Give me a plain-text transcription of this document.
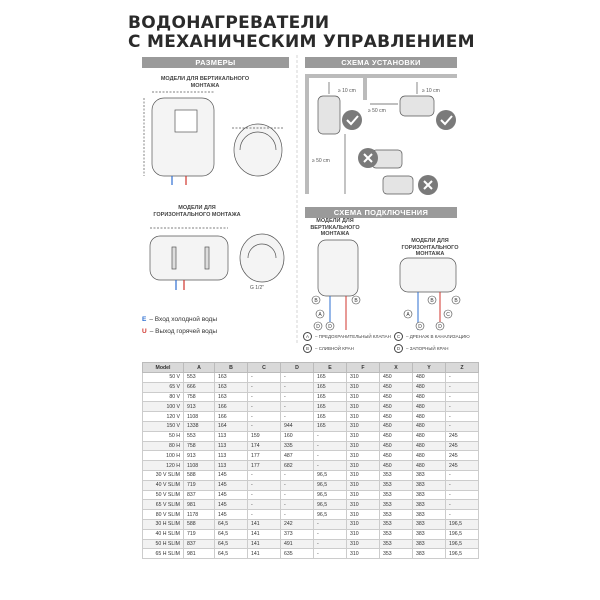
ВОДОНАГРЕВАТЕЛИ
С МЕХАНИЧЕСКИМ УПРАВЛЕНИЕМ
РАЗМЕРЫ	СХЕМА УСТАНОВКИ
СХЕМА ПОДКЛЮЧЕНИЯ
МОДЕЛИ ДЛЯ ВЕРТИКАЛЬНОГО МОНТАЖА
МОДЕЛИ ДЛЯ ГОРИЗОНТАЛЬНОГО МОНТАЖА
G 1/2"
B	B
A
D D
B	B
A	C
D	D
≥ 10 cm	≥ 10 cm
≥ 50 cm
≥ 50 cm
МОДЕЛИ ДЛЯ ВЕРТИКАЛЬНОГО МОНТАЖА
МОДЕЛИ ДЛЯ ГОРИЗОНТАЛЬНОГО МОНТАЖА
A	– ПРЕДОХРАНИТЕЛЬНЫЙ КЛАПАН	C	– ДРЕНАЖ В КАНАЛИЗАЦИЮ
B	– СЛИВНОЙ КРАН	D	– ЗАПОРНЫЙ КРАН
E – Вход холодной воды
U – Выход горячей воды
Model	A	B	C	D	E	F	X	Y	Z
50 V	553	163	-	-	165	310	450	480	-
65 V	666	163	-	-	165	310	450	480	-
80 V	758	163	-	-	165	310	450	480	-
100 V	913	166	-	-	165	310	450	480	-
120 V	1108	166	-	-	165	310	450	480	-
150 V	1338	164	-	944	165	310	450	480	-
50 H	553	113	159	160	-	310	450	480	245
80 H	758	113	174	335	-	310	450	480	245
100 H	913	113	177	487	-	310	450	480	245
120 H	1108	113	177	682	-	310	450	480	245
30 V SLIM	588	145	-	-	96,5	310	353	383	-
40 V SLIM	719	145	-	-	96,5	310	353	383	-
50 V SLIM	837	145	-	-	96,5	310	353	383	-
65 V SLIM	981	145	-	-	96,5	310	353	383	-
80 V SLIM	1178	145	-	-	96,5	310	353	383	-
30 H SLIM	588	64,5	141	242	-	310	353	383	196,5
40 H SLIM	719	64,5	141	373	-	310	353	383	196,5
50 H SLIM	837	64,5	141	491	-	310	353	383	196,5
65 H SLIM	981	64,5	141	635	-	310	353	383	196,5
